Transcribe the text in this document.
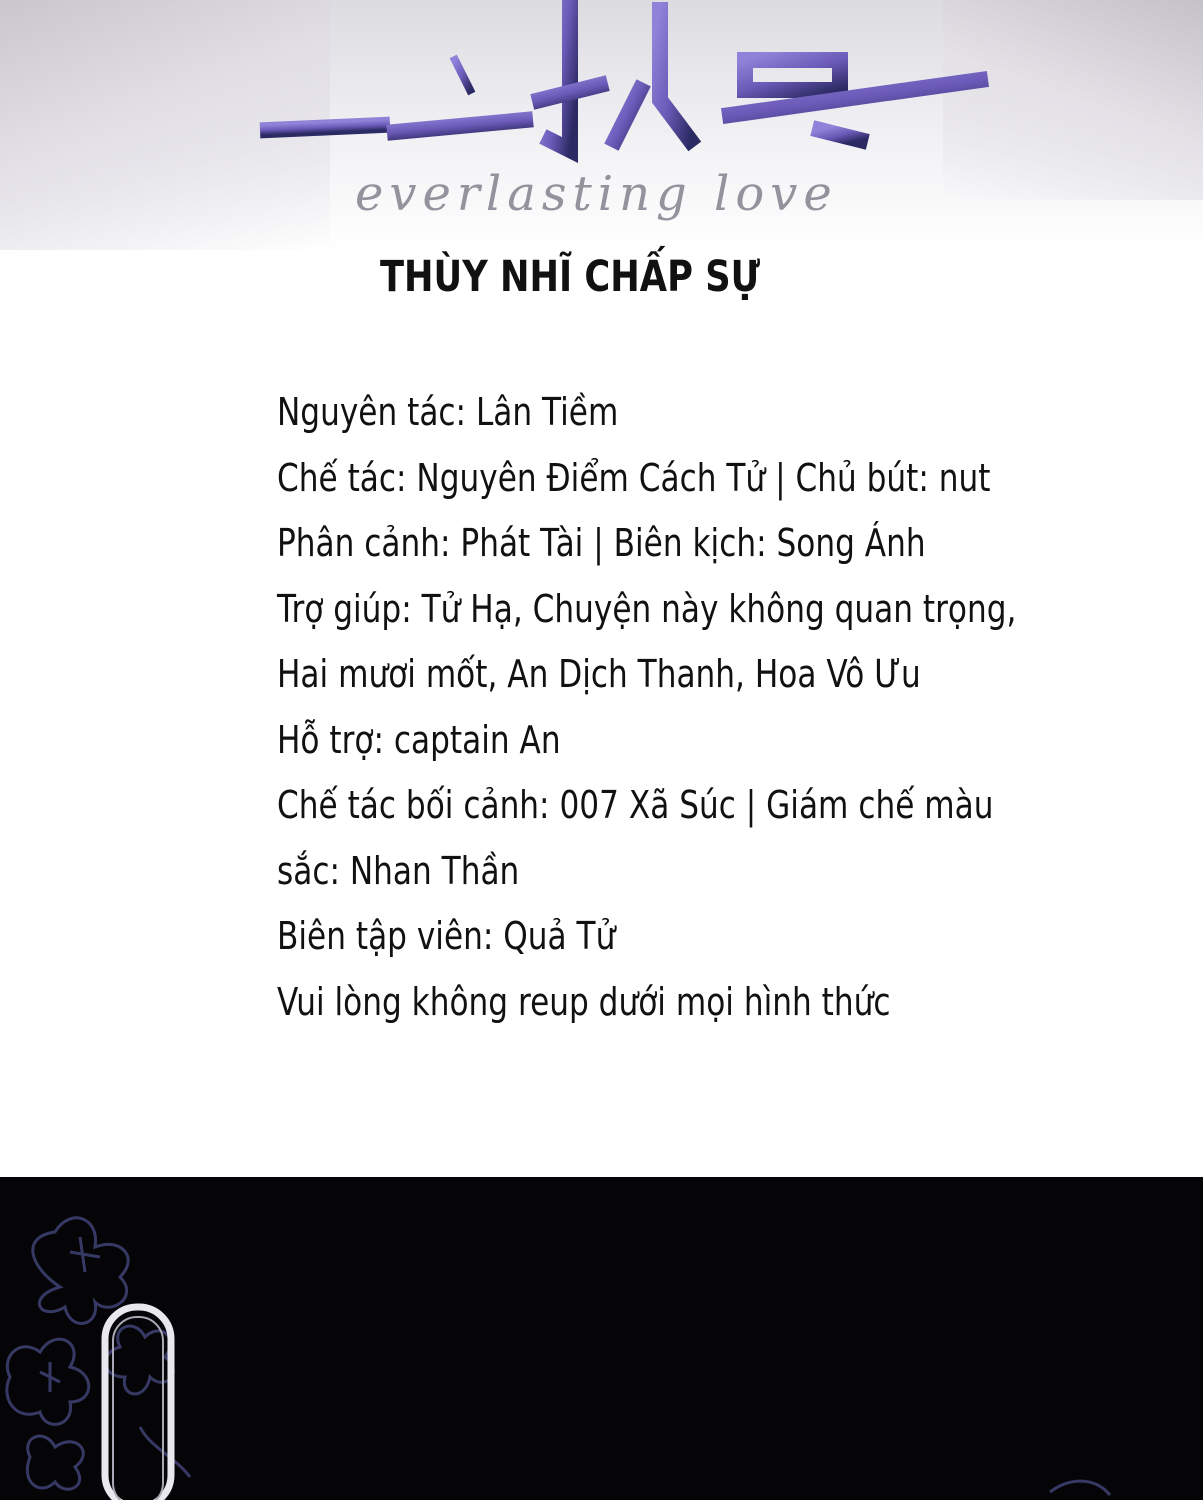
everlasting love
THÙY NHĨ CHẤP SỰ
Nguyên tác: Lân Tiềm
Chế tác: Nguyên Điểm Cách Tử | Chủ bút: nut
Phân cảnh: Phát Tài | Biên kịch: Song Ánh
Trợ giúp: Tử Hạ, Chuyện này không quan trọng,
Hai mươi mốt, An Dịch Thanh, Hoa Vô Ưu
Hỗ trợ: captain An
Chế tác bối cảnh: 007 Xã Súc | Giám chế màu
sắc: Nhan Thần
Biên tập viên: Quả Tử
Vui lòng không reup dưới mọi hình thức
